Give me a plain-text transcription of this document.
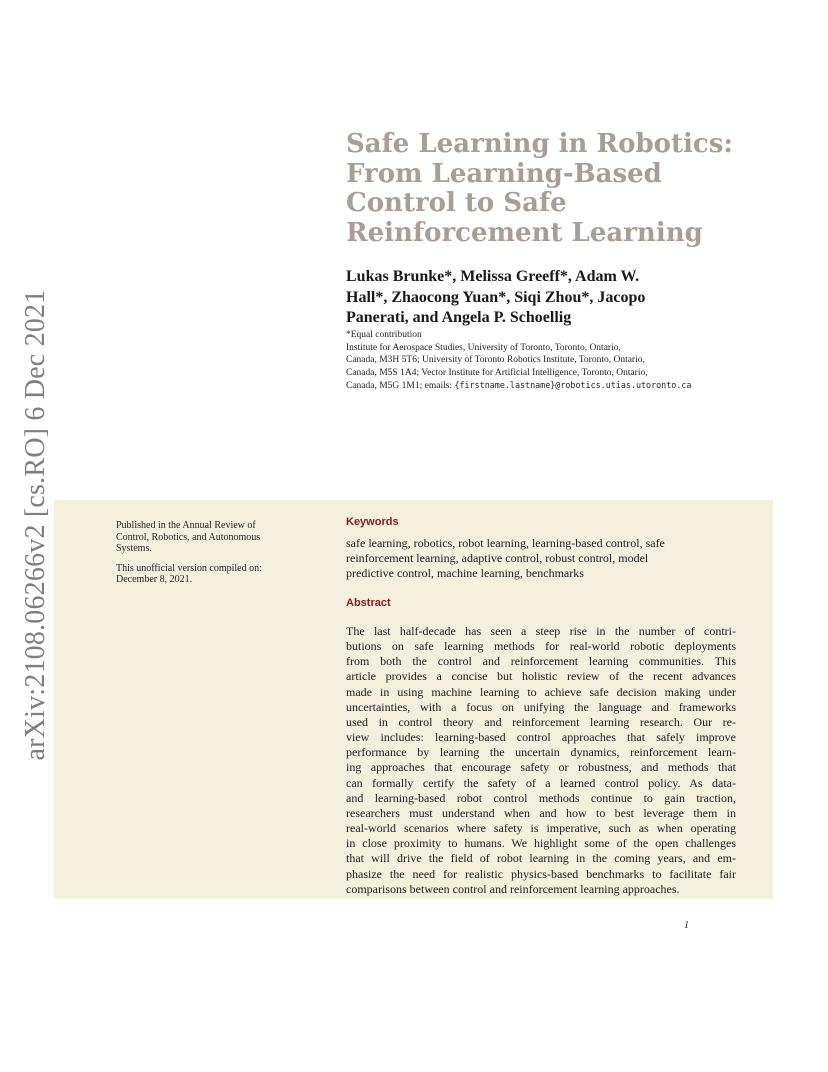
arXiv:2108.06266v2 [cs.RO] 6 Dec 2021
Safe Learning in Robotics:
From Learning-Based
Control to Safe
Reinforcement Learning
Lukas Brunke*, Melissa Greeff*, Adam W.
Hall*, Zhaocong Yuan*, Siqi Zhou*, Jacopo
Panerati, and Angela P. Schoellig
*Equal contribution
Institute for Aerospace Studies, University of Toronto, Toronto, Ontario,
Canada, M3H 5T6; University of Toronto Robotics Institute, Toronto, Ontario,
Canada, M5S 1A4; Vector Institute for Artificial Intelligence, Toronto, Ontario,
Canada, M5G 1M1; emails: {firstname.lastname}@robotics.utias.utoronto.ca
Published in the Annual Review of
Control, Robotics, and Autonomous
Systems.
This unofficial version compiled on:
December 8, 2021.
Keywords
safe learning, robotics, robot learning, learning-based control, safe
reinforcement learning, adaptive control, robust control, model
predictive control, machine learning, benchmarks
Abstract
The last half-decade has seen a steep rise in the number of contri-
butions on safe learning methods for real-world robotic deployments
from both the control and reinforcement learning communities. This
article provides a concise but holistic review of the recent advances
made in using machine learning to achieve safe decision making under
uncertainties, with a focus on unifying the language and frameworks
used in control theory and reinforcement learning research. Our re-
view includes: learning-based control approaches that safely improve
performance by learning the uncertain dynamics, reinforcement learn-
ing approaches that encourage safety or robustness, and methods that
can formally certify the safety of a learned control policy. As data-
and learning-based robot control methods continue to gain traction,
researchers must understand when and how to best leverage them in
real-world scenarios where safety is imperative, such as when operating
in close proximity to humans. We highlight some of the open challenges
that will drive the field of robot learning in the coming years, and em-
phasize the need for realistic physics-based benchmarks to facilitate fair
comparisons between control and reinforcement learning approaches.
1
